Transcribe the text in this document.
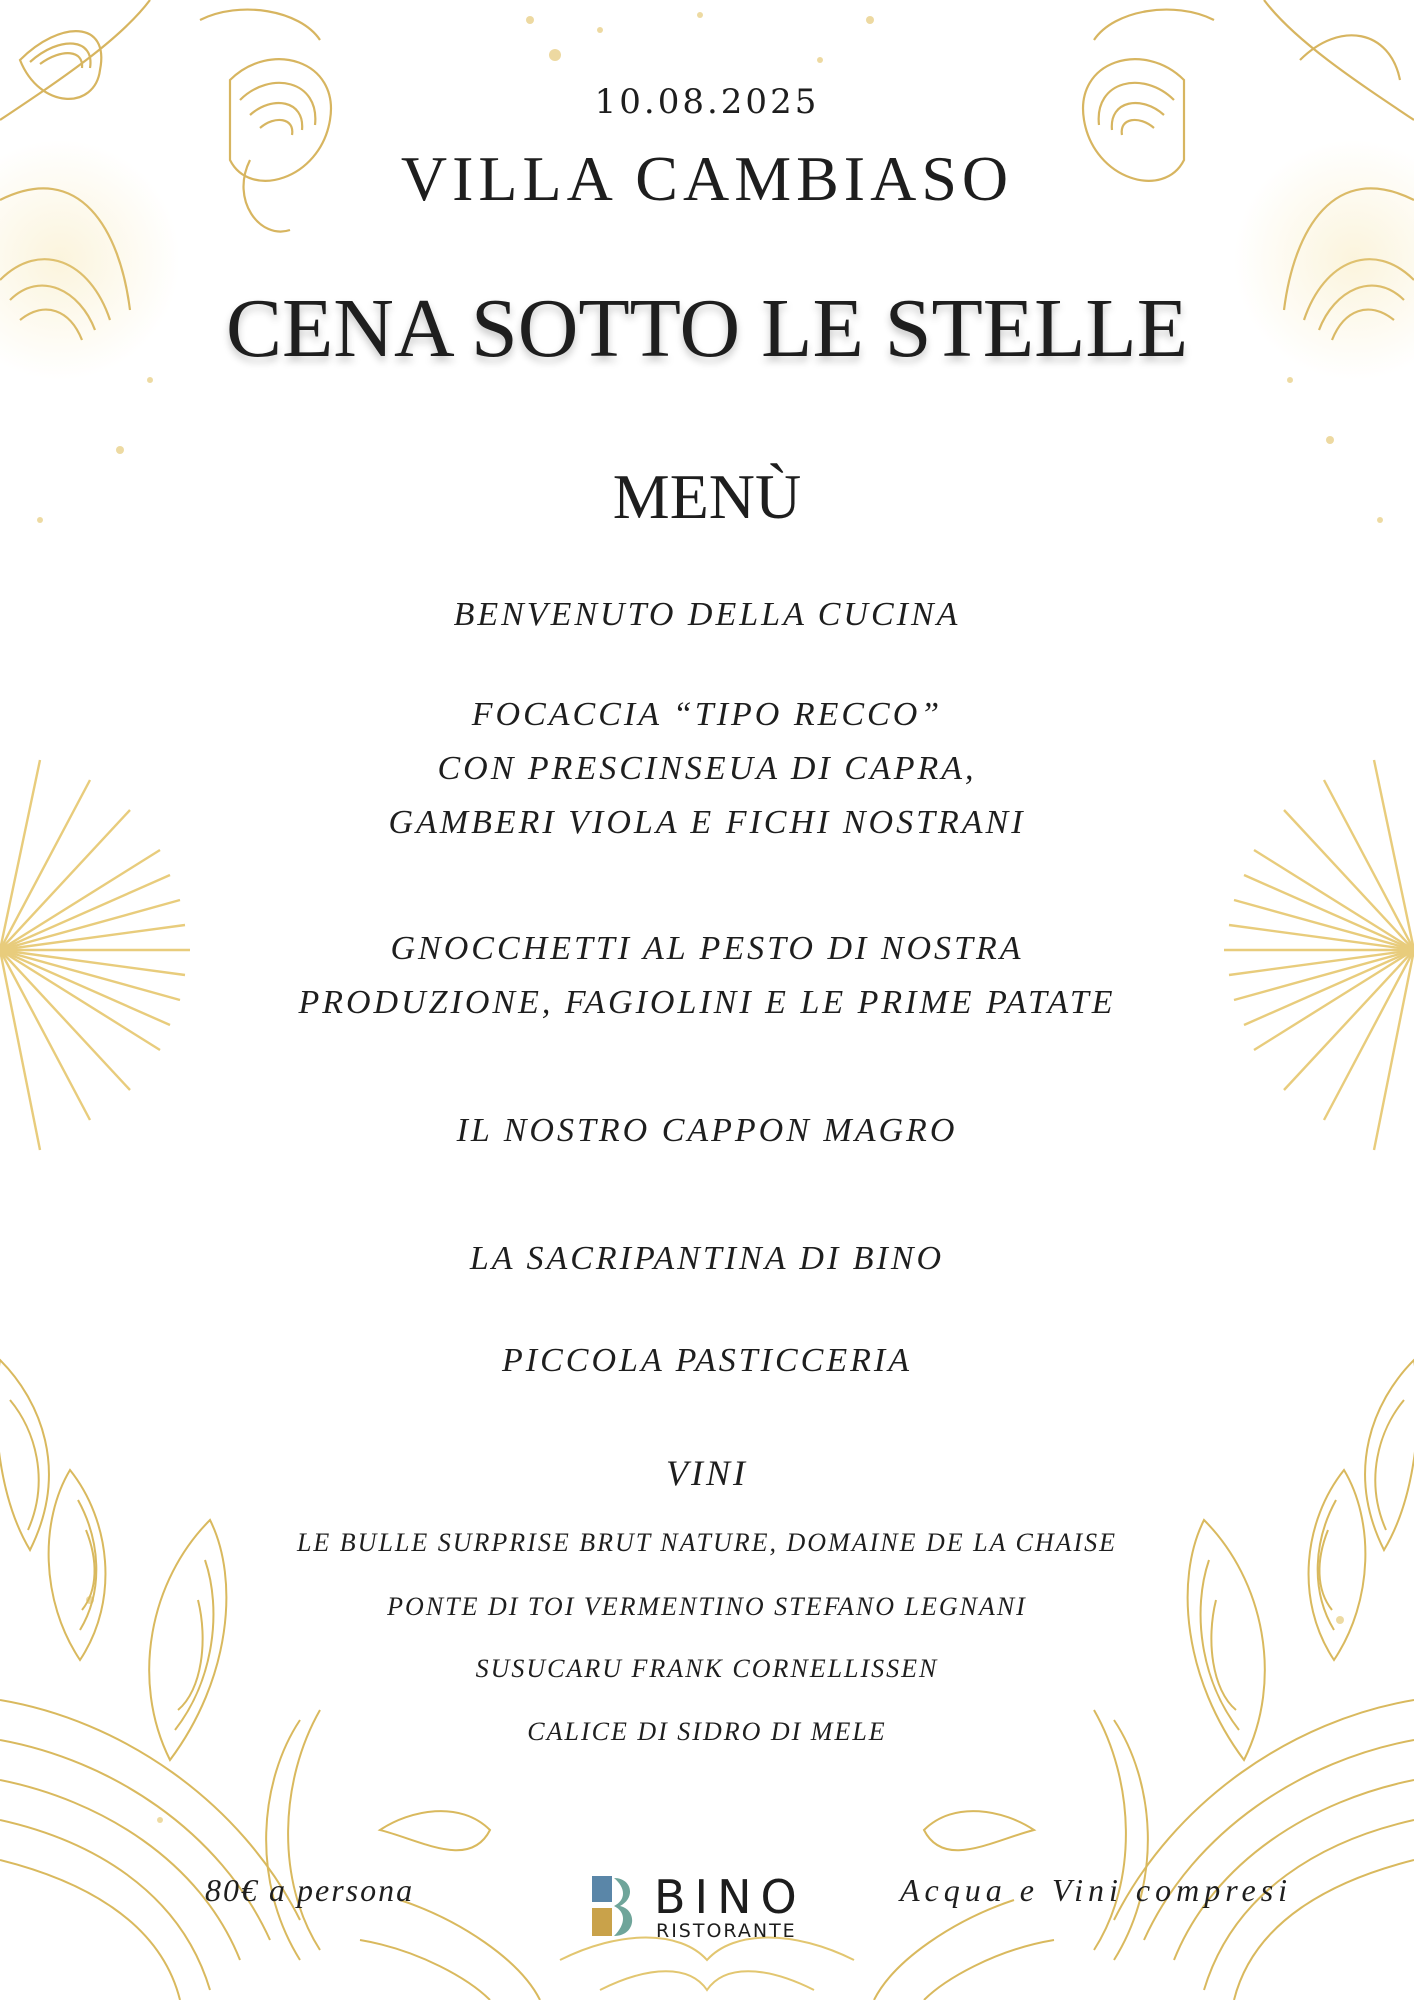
10.08.2025
VILLA CAMBIASO
CENA SOTTO LE STELLE
MENÙ
BENVENUTO DELLA CUCINA
FOCACCIA “TIPO RECCO”
CON PRESCINSEUA DI CAPRA,
GAMBERI VIOLA E FICHI NOSTRANI
GNOCCHETTI AL PESTO DI NOSTRA
PRODUZIONE, FAGIOLINI E LE PRIME PATATE
IL NOSTRO CAPPON MAGRO
LA SACRIPANTINA DI BINO
PICCOLA PASTICCERIA
VINI
LE BULLE SURPRISE BRUT NATURE, DOMAINE DE LA CHAISE
PONTE DI TOI VERMENTINO STEFANO LEGNANI
SUSUCARU FRANK CORNELLISSEN
CALICE DI SIDRO DI MELE
80€ a persona	BINO
RISTORANTE
Acqua e Vini compresi
